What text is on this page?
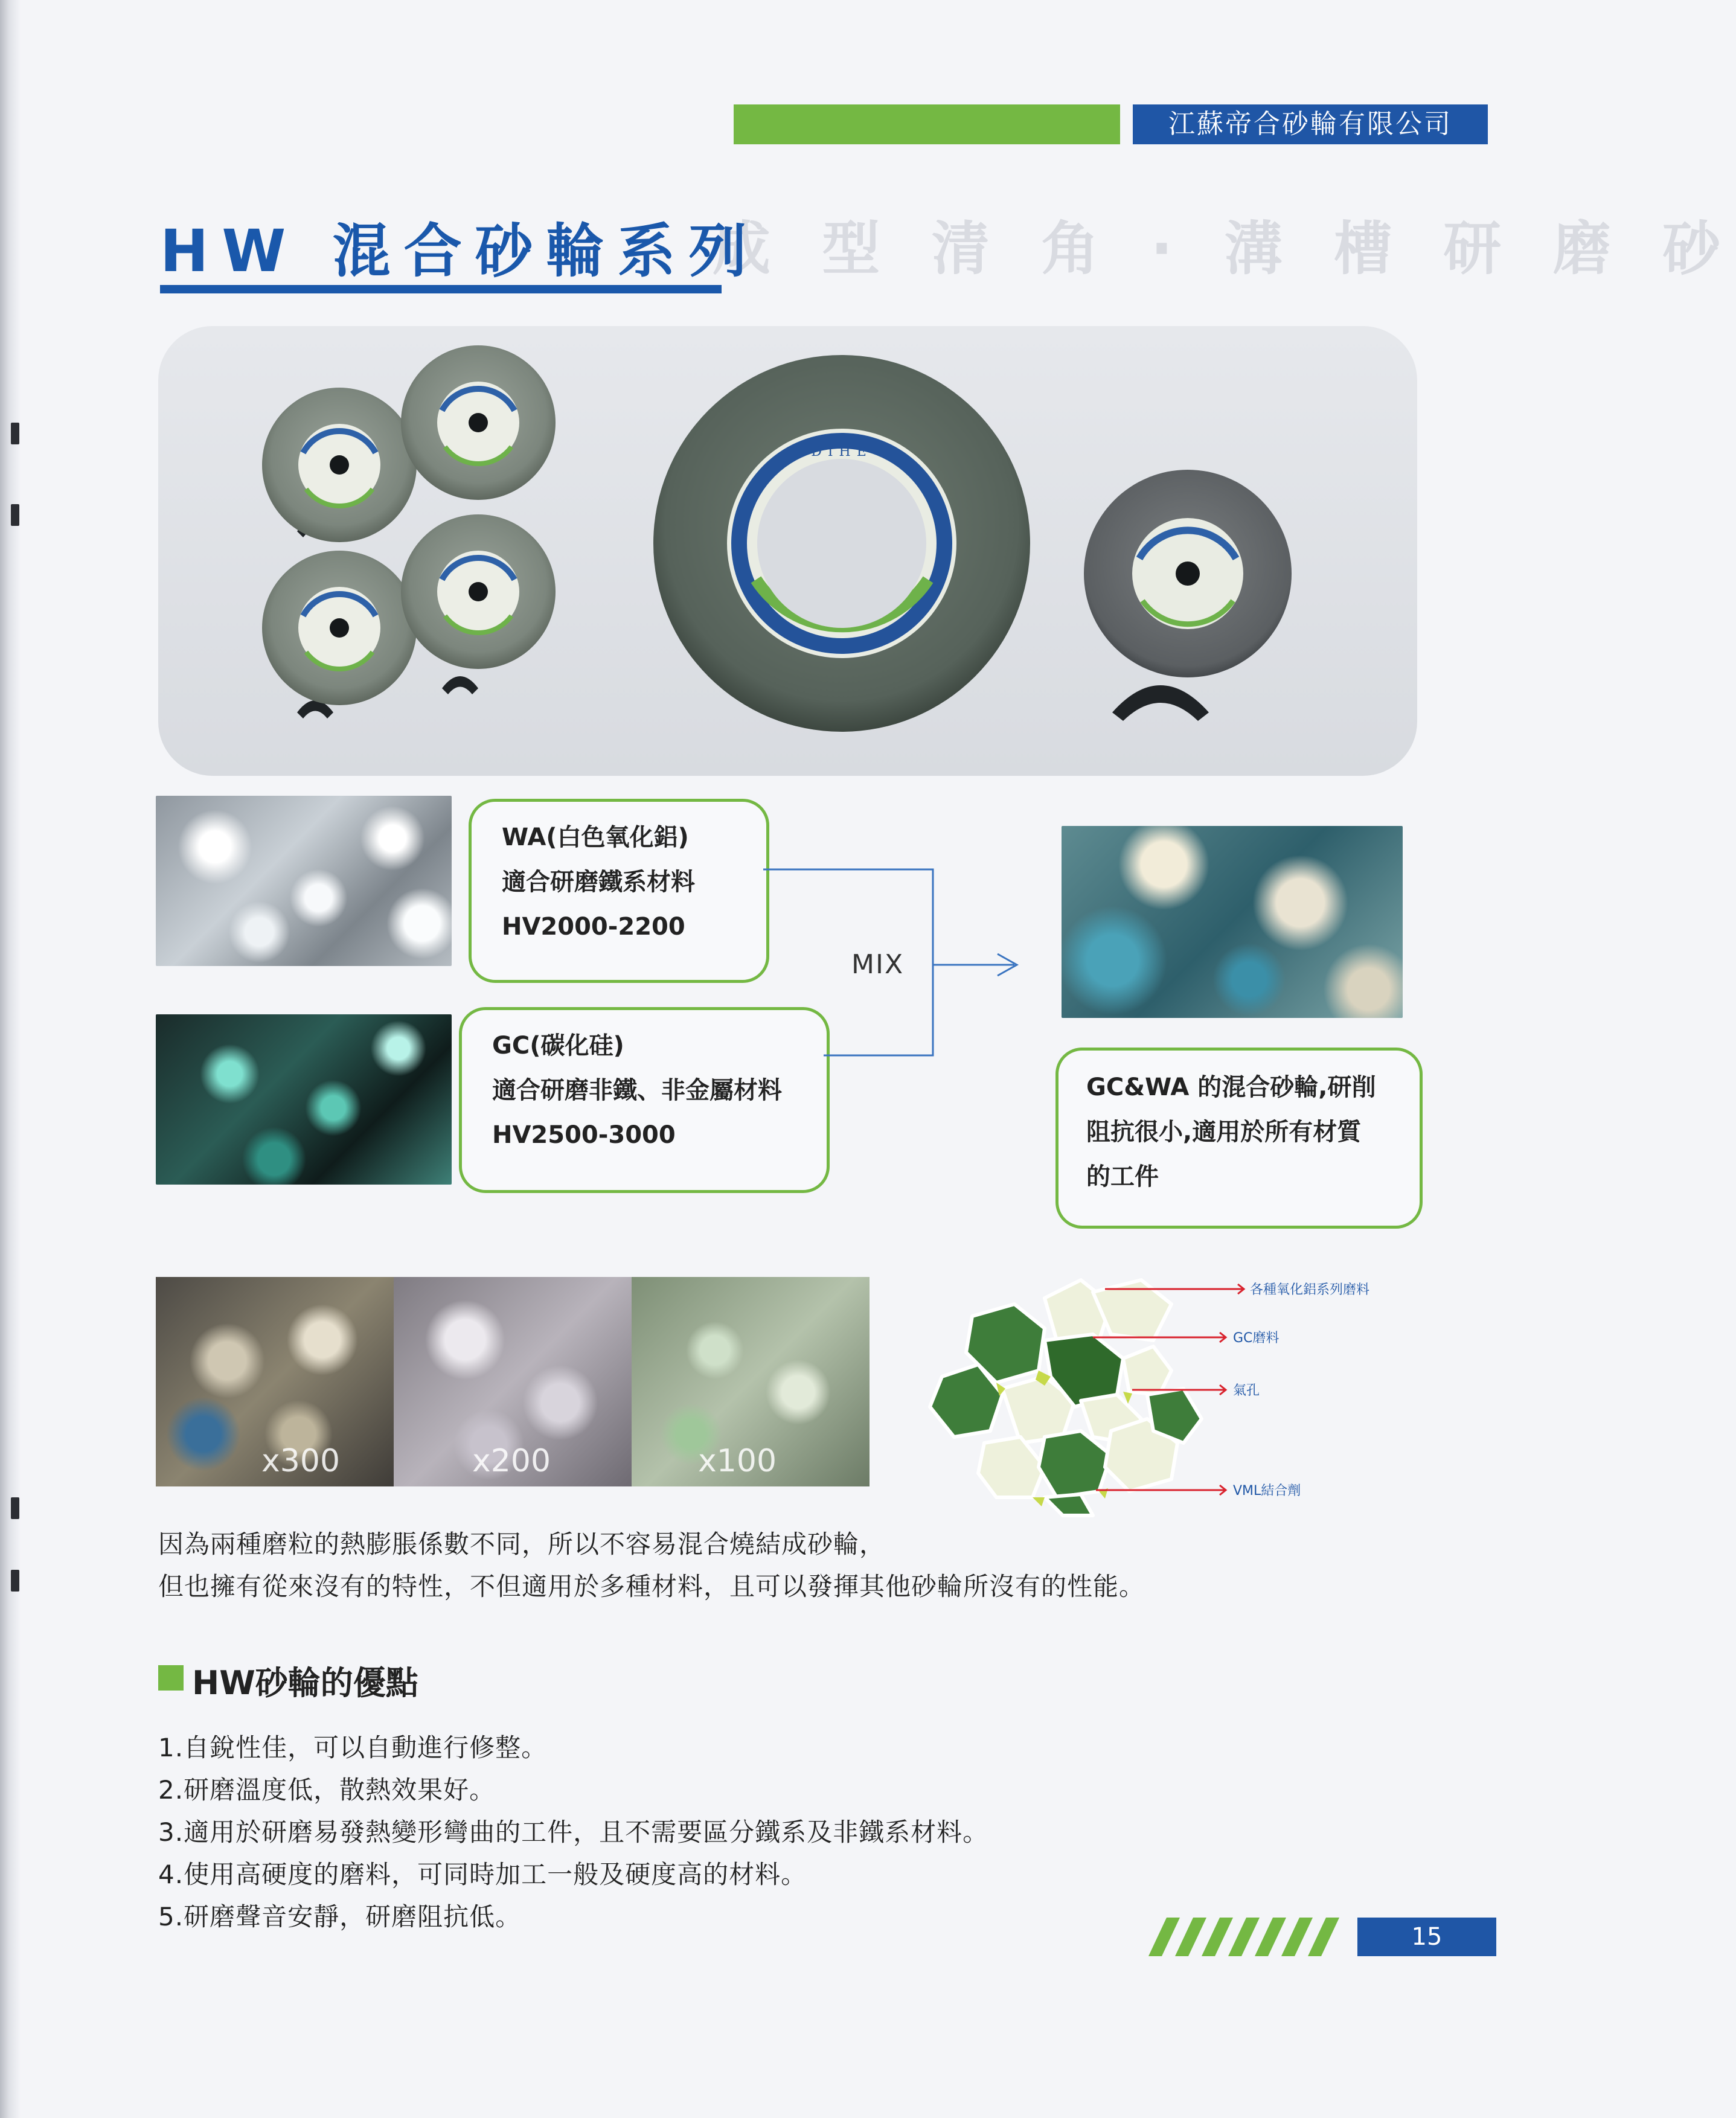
江蘇帝合砂輪有限公司
成 型 清 角 · 溝 槽 研 磨 砂
HW 混合砂輪系列
DIHE
WA(白色氧化鋁)
適合研磨鐵系材料
HV2000-2200
GC(碳化硅)
適合研磨非鐵、非金屬材料
HV2500-3000
MIX
GC&WA 的混合砂輪,研削
阻抗很小,適用於所有材質
的工件
x300	x200	x100
各種氧化鋁系列磨料
GC磨料
氣孔
VML結合劑
因為兩種磨粒的熱膨脹係數不同，所以不容易混合燒結成砂輪，
但也擁有從來沒有的特性，不但適用於多種材料，且可以發揮其他砂輪所沒有的性能。
HW砂輪的優點
1.自銳性佳，可以自動進行修整。
2.研磨溫度低，散熱效果好。
3.適用於研磨易發熱變形彎曲的工件，且不需要區分鐵系及非鐵系材料。
4.使用高硬度的磨料，可同時加工一般及硬度高的材料。
5.研磨聲音安靜，研磨阻抗低。
15
